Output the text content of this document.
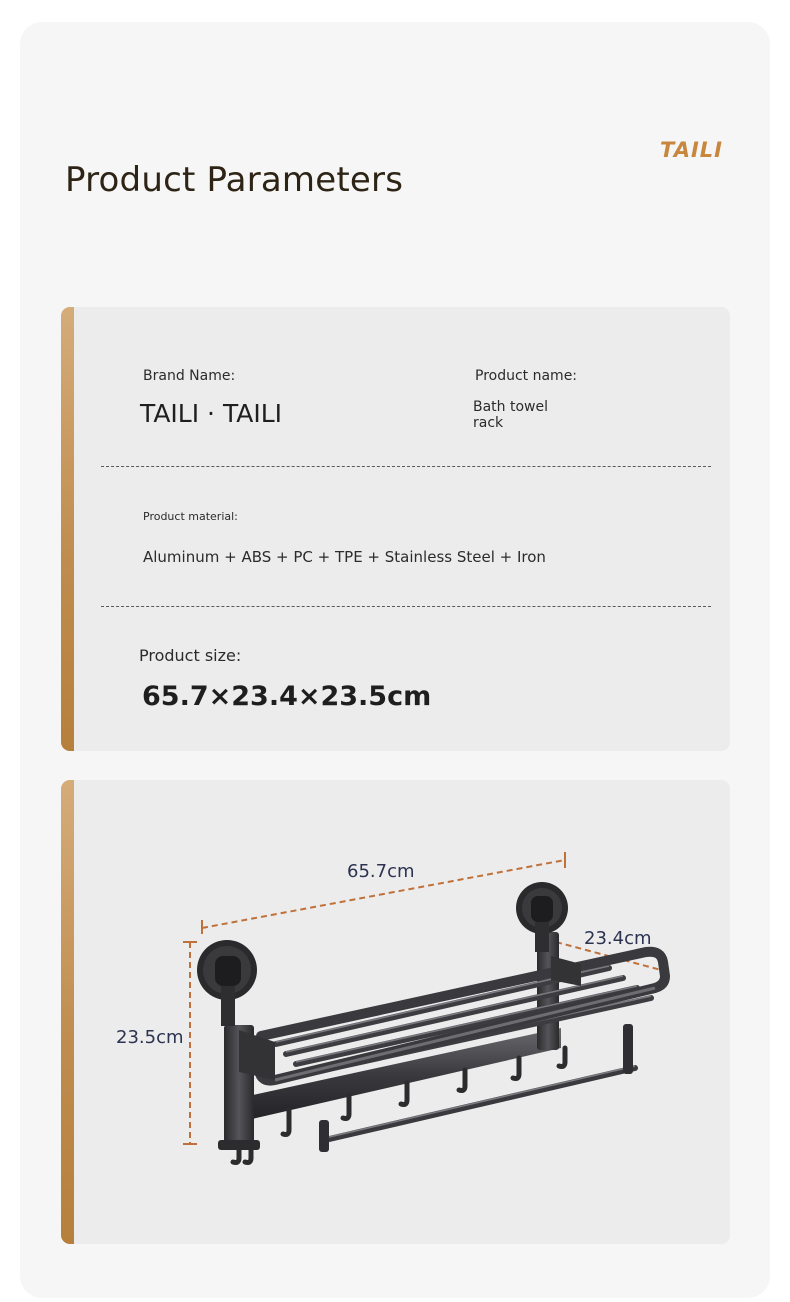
Product Parameters
TAILI
Brand Name:
TAILI · TAILI
Product name:
Bath towel
rack
Product material:
Aluminum + ABS + PC + TPE + Stainless Steel + Iron
Product size:
65.7×23.4×23.5cm
65.7cm
23.4cm
23.5cm
